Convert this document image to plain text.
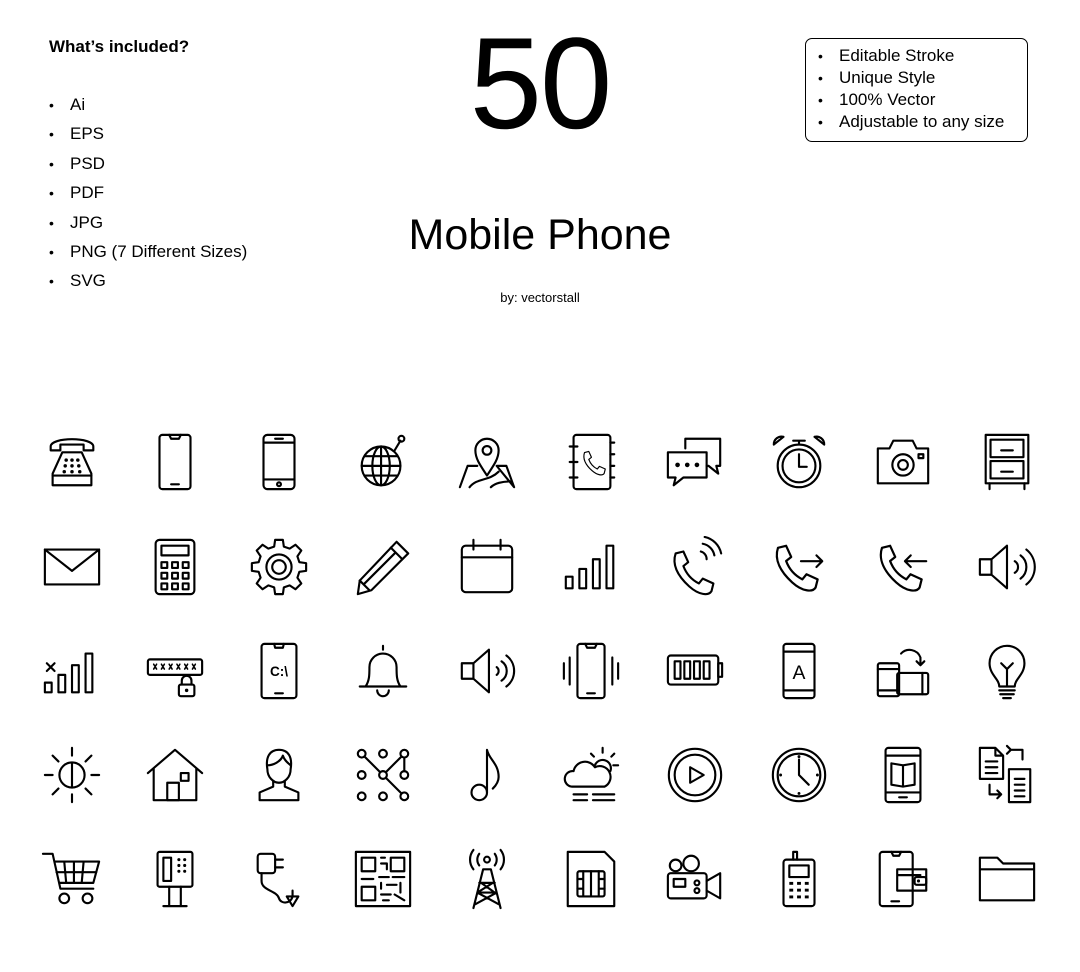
What’s included?
• Ai
• EPS
• PSD
• PDF
• JPG
• PNG (7 Different Sizes)
• SVG
50
Mobile Phone
by: vectorstall
• Editable Stroke
• Unique Style
• 100% Vector
• Adjustable to any size
C:\	A
